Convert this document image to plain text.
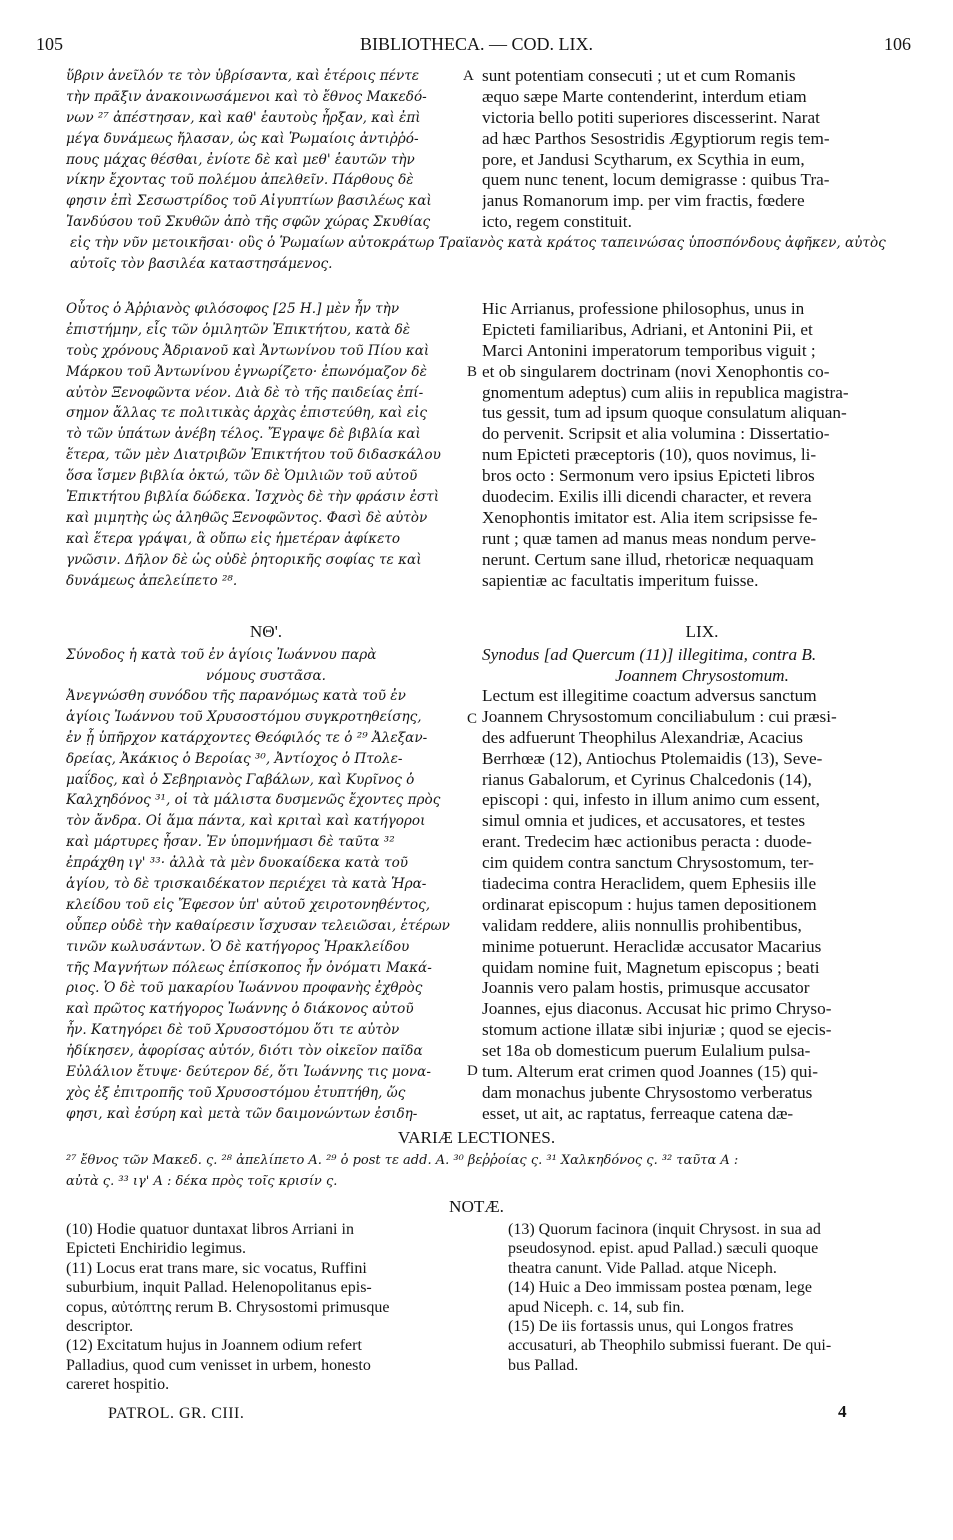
105	BIBLIOTHECA. — COD. LIX.	106
ὕβριν ἀνεῖλόν τε τὸν ὑβρίσαντα, καὶ ἑτέροις πέντε
τὴν πρᾶξιν ἀνακοινωσάμενοι καὶ τὸ ἔθνος Μακεδό-
νων ²⁷ ἀπέστησαν, καὶ καθ' ἑαυτοὺς ἦρξαν, καὶ ἐπὶ
μέγα δυνάμεως ἤλασαν, ὡς καὶ Ῥωμαίοις ἀντιῤῥό-
πους μάχας θέσθαι, ἐνίοτε δὲ καὶ μεθ' ἑαυτῶν τὴν
νίκην ἔχοντας τοῦ πολέμου ἀπελθεῖν. Πάρθους δὲ
φησιν ἐπὶ Σεσωστρίδος τοῦ Αἰγυπτίων βασιλέως καὶ
Ἰανδύσου τοῦ Σκυθῶν ἀπὸ τῆς σφῶν χώρας Σκυθίας
A sunt potentiam consecuti ; ut et cum Romanis
æquo sæpe Marte contenderint, interdum etiam
victoria bello potiti superiores discesserint. Narat
ad hæc Parthos Sesostridis Ægyptiorum regis tem-
pore, et Jandusi Scytharum, ex Scythia in eum,
quem nunc tenent, locum demigrasse : quibus Tra-
janus Romanorum imp. per vim fractis, fœdere
icto, regem constituit.
εἰς τὴν νῦν μετοικῆσαι· οὓς ὁ Ῥωμαίων αὐτοκράτωρ Τραϊανὸς κατὰ κράτος ταπεινώσας ὑποσπόνδους ἀφῆκεν, αὐτὸς
αὐτοῖς τὸν βασιλέα καταστησάμενος.
Οὗτος ὁ Ἀῤῥιανὸς φιλόσοφος [25 H.] μὲν ἦν τὴν
ἐπιστήμην, εἷς τῶν ὁμιλητῶν Ἐπικτήτου, κατὰ δὲ
τοὺς χρόνους Ἀδριανοῦ καὶ Ἀντωνίνου τοῦ Πίου καὶ
Μάρκου τοῦ Ἀντωνίνου ἐγνωρίζετο· ἐπωνόμαζον δὲ
αὐτὸν Ξενοφῶντα νέον. Διὰ δὲ τὸ τῆς παιδείας ἐπί-
σημον ἄλλας τε πολιτικὰς ἀρχὰς ἐπιστεύθη, καὶ εἰς
τὸ τῶν ὑπάτων ἀνέβη τέλος. Ἔγραψε δὲ βιβλία καὶ
ἕτερα, τῶν μὲν Διατριβῶν Ἐπικτήτου τοῦ διδασκάλου
ὅσα ἴσμεν βιβλία ὀκτώ, τῶν δὲ Ὁμιλιῶν τοῦ αὐτοῦ
Ἐπικτήτου βιβλία δώδεκα. Ἰσχνὸς δὲ τὴν φράσιν ἐστὶ
καὶ μιμητὴς ὡς ἀληθῶς Ξενοφῶντος. Φασὶ δὲ αὐτὸν
καὶ ἕτερα γράψαι, ἃ οὔπω εἰς ἡμετέραν ἀφίκετο
γνῶσιν. Δῆλον δὲ ὡς οὐδὲ ῥητορικῆς σοφίας τε καὶ
δυνάμεως ἀπελείπετο ²⁸.
B
Hic Arrianus, professione philosophus, unus in
Epicteti familiaribus, Adriani, et Antonini Pii, et
Marci Antonini imperatorum temporibus viguit ;
et ob singularem doctrinam (novi Xenophontis co-
gnomentum adeptus) cum aliis in republica magistra-
tus gessit, tum ad ipsum quoque consulatum aliquan-
do pervenit. Scripsit et alia volumina : Dissertatio-
num Epicteti præceptoris (10), quos novimus, li-
bros octo : Sermonum vero ipsius Epicteti libros
duodecim. Exilis illi dicendi character, et revera
Xenophontis imitator est. Alia item scripsisse fe-
runt ; quæ tamen ad manus meas nondum perve-
nerunt. Certum sane illud, rhetoricæ nequaquam
sapientiæ ac facultatis imperitum fuisse.
ΝΘ'.	LIX.
Σύνοδος ἡ κατὰ τοῦ ἐν ἁγίοις Ἰωάννου παρὰ
νόμους συστᾶσα.
Synodus [ad Quercum (11)] illegitima, contra B.
Joannem Chrysostomum.
Ἀνεγνώσθη συνόδου τῆς παρανόμως κατὰ τοῦ ἐν
ἁγίοις Ἰωάννου τοῦ Χρυσοστόμου συγκροτηθείσης,
ἐν ᾗ ὑπῆρχον κατάρχοντες Θεόφιλός τε ὁ ²⁹ Ἀλεξαν-
δρείας, Ἀκάκιος ὁ Βεροίας ³⁰, Ἀντίοχος ὁ Πτολε-
μαΐδος, καὶ ὁ Σεβηριανὸς Γαβάλων, καὶ Κυρῖνος ὁ
Καλχηδόνος ³¹, οἱ τὰ μάλιστα δυσμενῶς ἔχοντες πρὸς
τὸν ἄνδρα. Οἱ ἅμα πάντα, καὶ κριταὶ καὶ κατήγοροι
καὶ μάρτυρες ἦσαν. Ἐν ὑπομνήμασι δὲ ταῦτα ³²
ἐπράχθη ιγ' ³³· ἀλλὰ τὰ μὲν δυοκαίδεκα κατὰ τοῦ
ἁγίου, τὸ δὲ τρισκαιδέκατον περιέχει τὰ κατὰ Ἡρα-
κλείδου τοῦ εἰς Ἔφεσον ὑπ' αὐτοῦ χειροτονηθέντος,
οὗπερ οὐδὲ τὴν καθαίρεσιν ἴσχυσαν τελειῶσαι, ἑτέρων
τινῶν κωλυσάντων. Ὁ δὲ κατήγορος Ἡρακλείδου
τῆς Μαγνήτων πόλεως ἐπίσκοπος ἦν ὀνόματι Μακά-
ριος. Ὁ δὲ τοῦ μακαρίου Ἰωάννου προφανὴς ἐχθρὸς
καὶ πρῶτος κατήγορος Ἰωάννης ὁ διάκονος αὐτοῦ
ἦν. Κατηγόρει δὲ τοῦ Χρυσοστόμου ὅτι τε αὐτὸν
ἠδίκησεν, ἀφορίσας αὐτόν, διότι τὸν οἰκεῖον παῖδα
Εὐλάλιον ἔτυψε· δεύτερον δέ, ὅτι Ἰωάννης τις μονα-
χὸς ἐξ ἐπιτροπῆς τοῦ Χρυσοστόμου ἐτυπτήθη, ὥς
φησι, καὶ ἐσύρη καὶ μετὰ τῶν δαιμονώντων ἐσιδη-
C
D
Lectum est illegitime coactum adversus sanctum
Joannem Chrysostomum conciliabulum : cui præsi-
des adfuerunt Theophilus Alexandriæ, Acacius
Berrhœæ (12), Antiochus Ptolemaidis (13), Seve-
rianus Gabalorum, et Cyrinus Chalcedonis (14),
episcopi : qui, infesto in illum animo cum essent,
simul omnia et judices, et accusatores, et testes
erant. Tredecim hæc actionibus peracta : duode-
cim quidem contra sanctum Chrysostomum, ter-
tiadecima contra Heraclidem, quem Ephesiis ille
ordinarat episcopum : hujus tamen depositionem
validam reddere, aliis nonnullis prohibentibus,
minime potuerunt. Heraclidæ accusator Macarius
quidam nomine fuit, Magnetum episcopus ; beati
Joannis vero palam hostis, primusque accusator
Joannes, ejus diaconus. Accusat hic primo Chryso-
stomum actione illatæ sibi injuriæ ; quod se ejecis-
set 18a ob domesticum puerum Eulalium pulsa-
tum. Alterum erat crimen quod Joannes (15) qui-
dam monachus jubente Chrysostomo verberatus
esset, ut ait, ac raptatus, ferreaque catena dæ-
VARIÆ LECTIONES.
²⁷ ἔθνος τῶν Μακεδ. ς. ²⁸ ἀπελίπετο A. ²⁹ ὁ post τε add. A. ³⁰ βεῤῥοίας ς. ³¹ Χαλκηδόνος ς. ³² ταῦτα A :
αὐτὰ ς. ³³ ιγ' A : δέκα πρὸς τοῖς κρισίν ς.
NOTÆ.
(10) Hodie quatuor duntaxat libros Arriani in
Epicteti Enchiridio legimus.
(11) Locus erat trans mare, sic vocatus, Ruffini
suburbium, inquit Pallad. Helenopolitanus epis-
copus, αὐτόπτης rerum B. Chrysostomi primusque
descriptor.
(12) Excitatum hujus in Joannem odium refert
Palladius, quod cum venisset in urbem, honesto
careret hospitio.
(13) Quorum facinora (inquit Chrysost. in sua ad
pseudosynod. epist. apud Pallad.) sæculi quoque
theatra canunt. Vide Pallad. atque Niceph.
(14) Huic a Deo immissam postea pœnam, lege
apud Niceph. c. 14, sub fin.
(15) De iis fortassis unus, qui Longos fratres
accusaturi, ab Theophilo submissi fuerant. De qui-
bus Pallad.
PATROL. GR. CIII.	4
